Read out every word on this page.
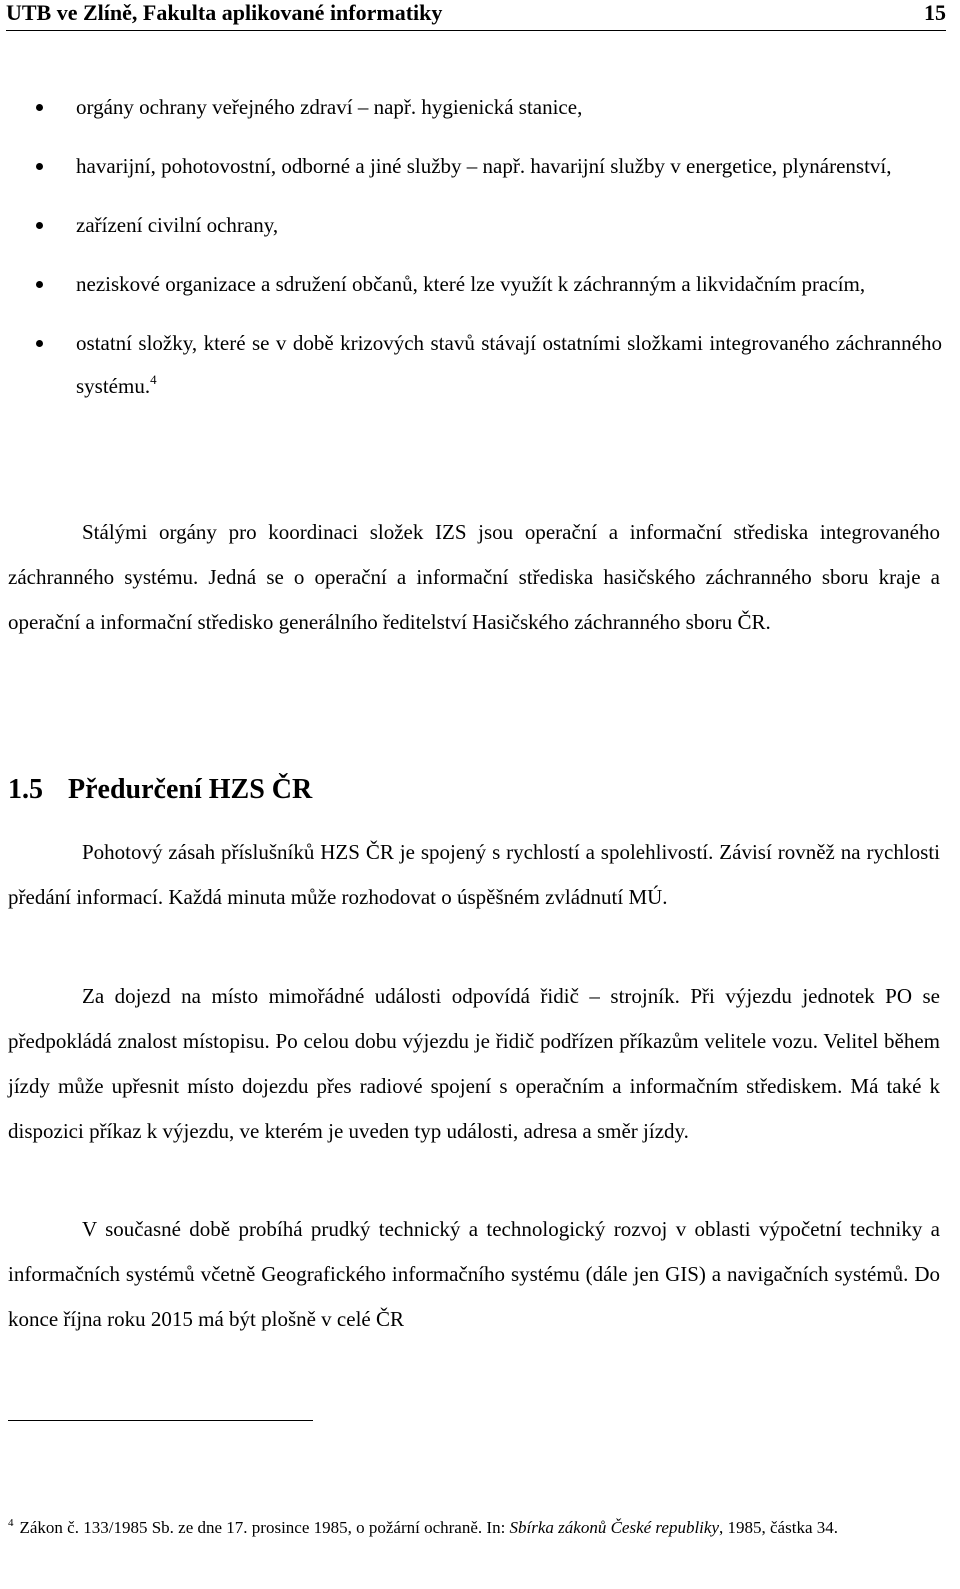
UTB ve Zlíně, Fakulta aplikované informatiky	15
orgány ochrany veřejného zdraví – např. hygienická stanice,
havarijní, pohotovostní, odborné a jiné služby – např. havarijní služby v energetice, plynárenství,
zařízení civilní ochrany,
neziskové organizace a sdružení občanů, které lze využít k záchranným a likvidačním pracím,
ostatní složky, které se v době krizových stavů stávají ostatními složkami integrovaného záchranného systému.$^4$

Stálými orgány pro koordinaci složek IZS jsou operační a informační střediska integrovaného záchranného systému. Jedná se o operační a informační střediska hasičského záchranného sboru kraje a operační a informační středisko generálního ředitelství Hasičského záchranného sboru ČR.

1.5 Předurčení HZS ČR

Pohotový zásah příslušníků HZS ČR je spojený s rychlostí a spolehlivostí. Závisí rovněž na rychlosti předání informací. Každá minuta může rozhodovat o úspěšném zvládnutí MÚ.

Za dojezd na místo mimořádné události odpovídá řidič – strojník. Při výjezdu jednotek PO se předpokládá znalost místopisu. Po celou dobu výjezdu je řidič podřízen příkazům velitele vozu. Velitel během jízdy může upřesnit místo dojezdu přes radiové spojení s operačním a informačním střediskem. Má také k dispozici příkaz k výjezdu, ve kterém je uveden typ události, adresa a směr jízdy.

V současné době probíhá prudký technický a technologický rozvoj v oblasti výpočetní techniky a informačních systémů včetně Geografického informačního systému (dále jen GIS) a navigačních systémů. Do konce října roku 2015 má být plošně v celé ČR

$^4$ Zákon č. 133/1985 Sb. ze dne 17. prosince 1985, o požární ochraně. In: Sbírka zákonů České republiky, 1985, částka 34.
